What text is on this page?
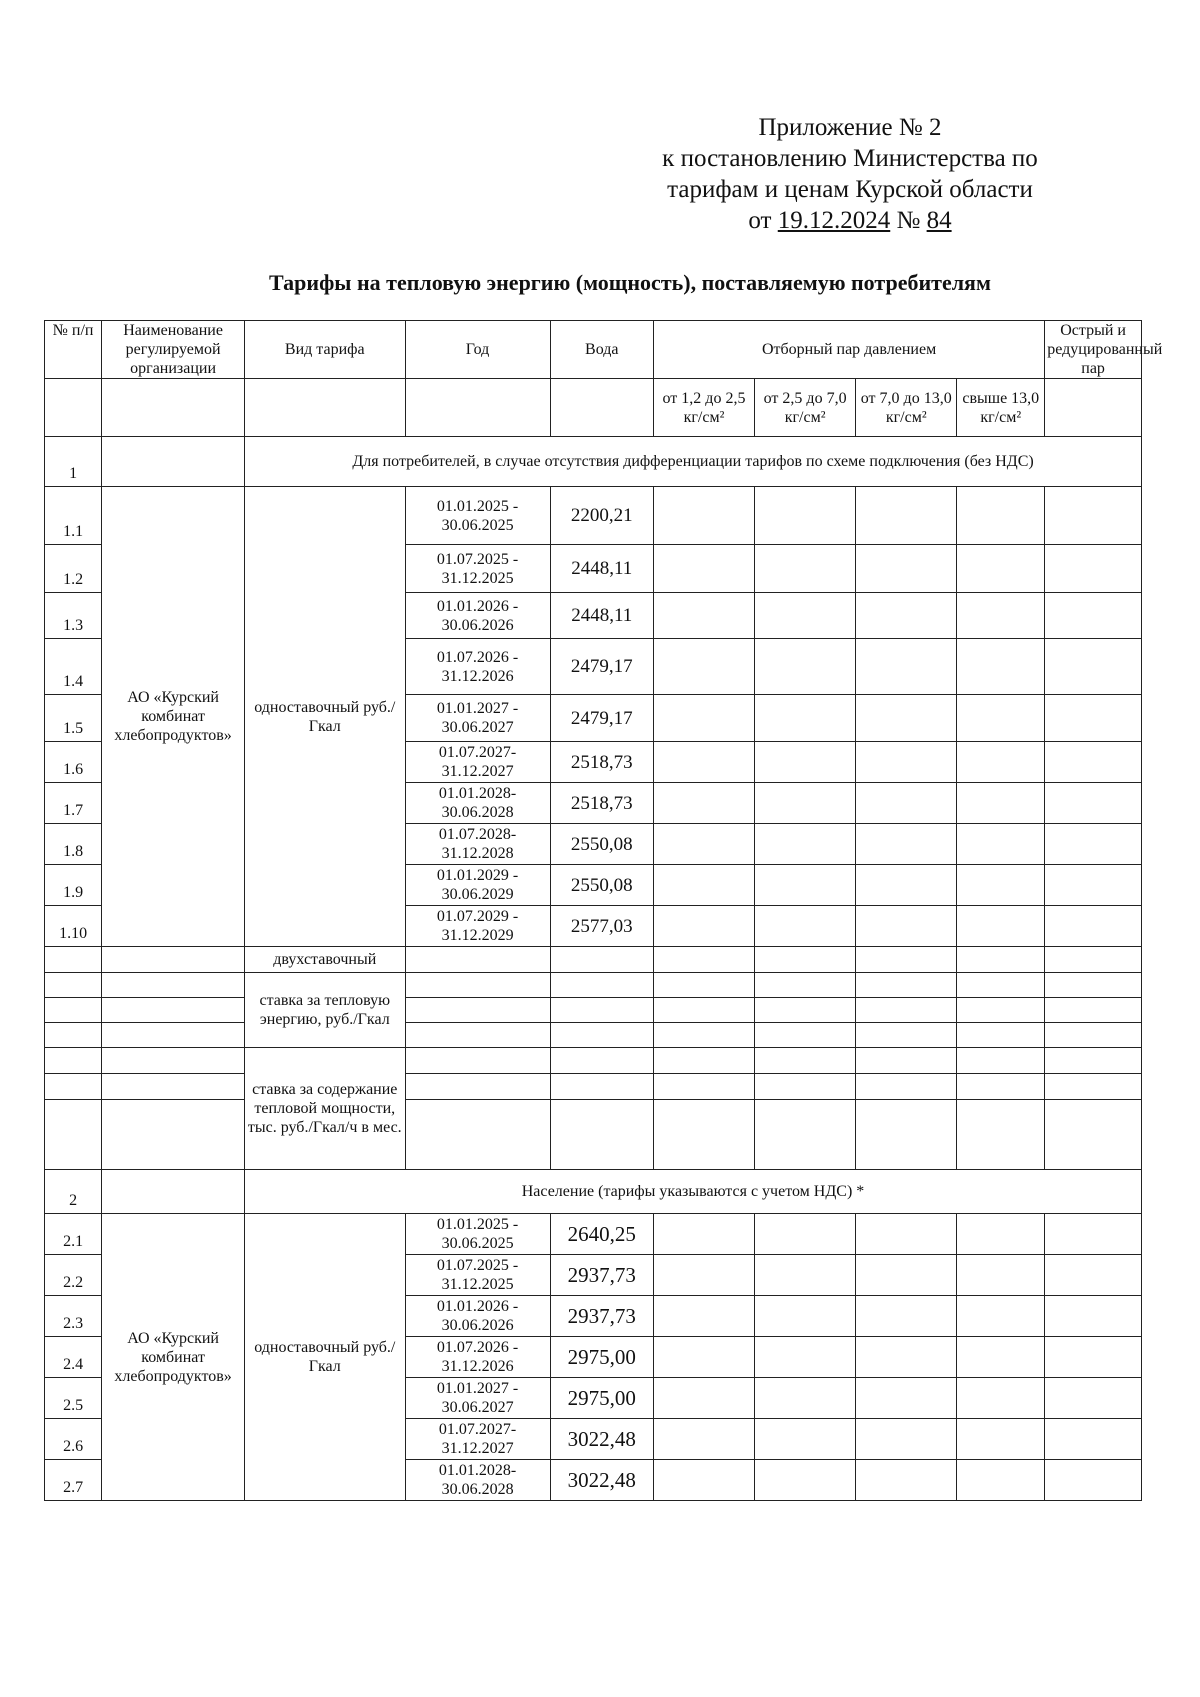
Приложение № 2
к постановлению Министерства по
тарифам и ценам Курской области
от 19.12.2024 № 84
Тарифы на тепловую энергию (мощность), поставляемую потребителям
№ п/п	Наименование регулируемой организации	Вид тарифа	Год	Вода	Отборный пар давлением				Острый и редуцированный пар
					от 1,2 до 2,5 кг/см²	от 2,5 до 7,0 кг/см²	от 7,0 до 13,0 кг/см²	свыше 13,0 кг/см²	
1		Для потребителей, в случае отсутствия дифференциации тарифов по схеме подключения (без НДС)							
1.1	АО «Курский комбинат хлебопродуктов»	одноставочный руб./Гкал	01.01.2025 - 30.06.2025	2200,21					
1.2			01.07.2025 - 31.12.2025	2448,11					
1.3			01.01.2026 - 30.06.2026	2448,11					
1.4			01.07.2026 - 31.12.2026	2479,17					
1.5			01.01.2027 - 30.06.2027	2479,17					
1.6			01.07.2027- 31.12.2027	2518,73					
1.7			01.01.2028- 30.06.2028	2518,73					
1.8			01.07.2028- 31.12.2028	2550,08					
1.9			01.01.2029 - 30.06.2029	2550,08					
1.10			01.07.2029 - 31.12.2029	2577,03					
		двухставочный							
		ставка за тепловую энергию, руб./Гкал							

		ставка за содержание тепловой мощности, тыс. руб./Гкал/ч в мес.							

2		Население (тарифы указываются с учетом НДС) *							
2.1	АО «Курский комбинат хлебопродуктов»	одноставочный руб./Гкал	01.01.2025 - 30.06.2025	2640,25					
2.2			01.07.2025 - 31.12.2025	2937,73					
2.3			01.01.2026 - 30.06.2026	2937,73					
2.4			01.07.2026 - 31.12.2026	2975,00					
2.5			01.01.2027 - 30.06.2027	2975,00					
2.6			01.07.2027- 31.12.2027	3022,48					
2.7			01.01.2028- 30.06.2028	3022,48					
